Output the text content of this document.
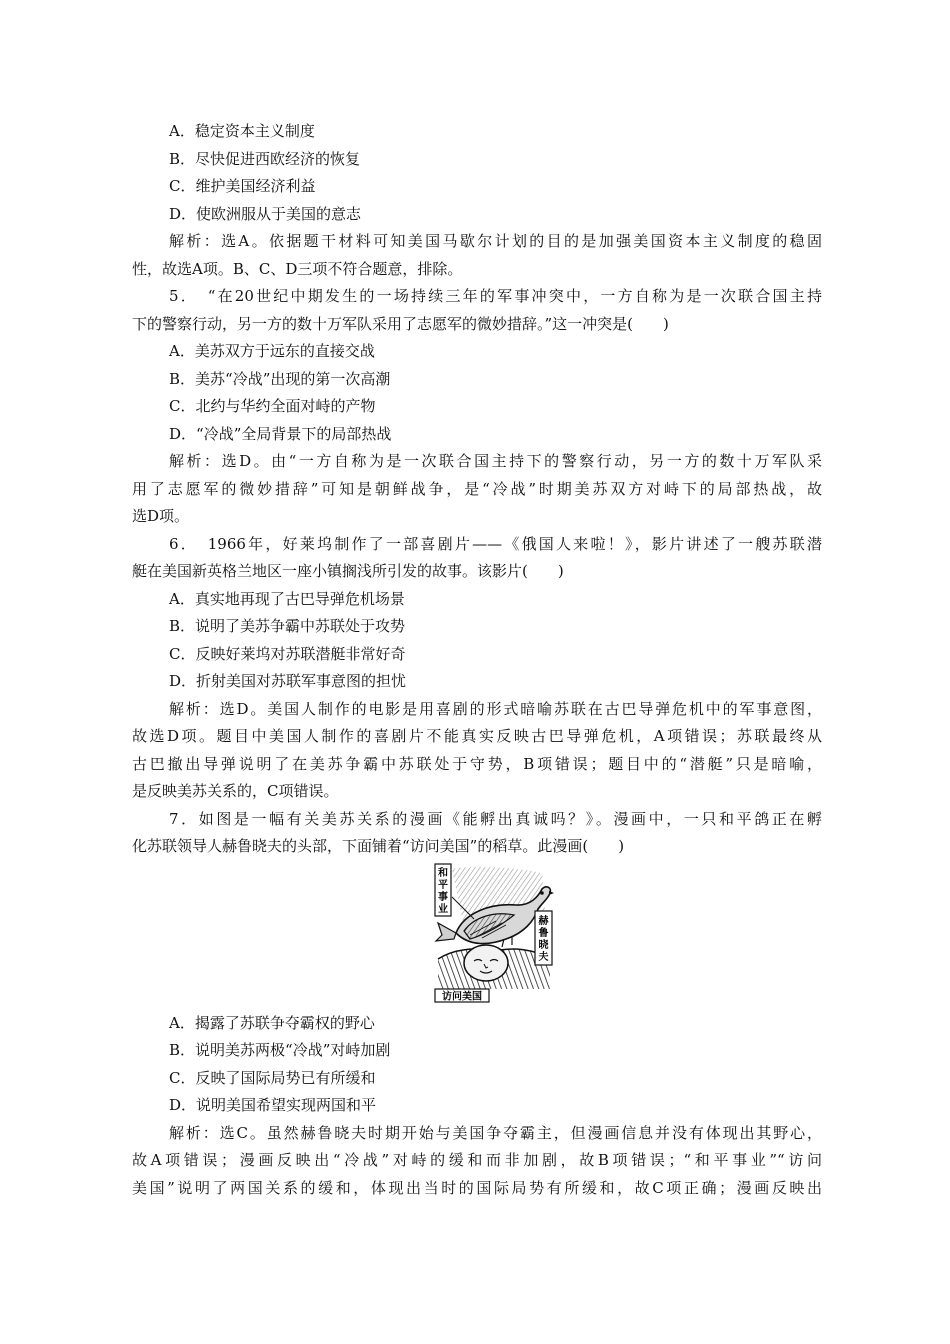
A．稳定资本主义制度
B．尽快促进西欧经济的恢复
C．维护美国经济利益
D．使欧洲服从于美国的意志
解析：选A。依据题干材料可知美国马歇尔计划的目的是加强美国资本主义制度的稳固
性，故选A项。B、C、D三项不符合题意，排除。
5．　“在20世纪中期发生的一场持续三年的军事冲突中，一方自称为是一次联合国主持
下的警察行动，另一方的数十万军队采用了志愿军的微妙措辞。”这一冲突是(　　)
A．美苏双方于远东的直接交战
B．美苏“冷战”出现的第一次高潮
C．北约与华约全面对峙的产物
D．“冷战”全局背景下的局部热战
解析：选D。由“一方自称为是一次联合国主持下的警察行动，另一方的数十万军队采
用了志愿军的微妙措辞”可知是朝鲜战争，是“冷战”时期美苏双方对峙下的局部热战，故
选D项。
6．　1966年，好莱坞制作了一部喜剧片——《俄国人来啦！》，影片讲述了一艘苏联潜
艇在美国新英格兰地区一座小镇搁浅所引发的故事。该影片(　　)
A．真实地再现了古巴导弹危机场景
B．说明了美苏争霸中苏联处于攻势
C．反映好莱坞对苏联潜艇非常好奇
D．折射美国对苏联军事意图的担忧
解析：选D。美国人制作的电影是用喜剧的形式暗喻苏联在古巴导弹危机中的军事意图，
故选D项。题目中美国人制作的喜剧片不能真实反映古巴导弹危机，A项错误；苏联最终从
古巴撤出导弹说明了在美苏争霸中苏联处于守势，B项错误；题目中的“潜艇”只是暗喻，
是反映美苏关系的，C项错误。
7．如图是一幅有关美苏关系的漫画《能孵出真诚吗？》。漫画中，一只和平鸽正在孵
化苏联领导人赫鲁晓夫的头部，下面铺着“访问美国”的稻草。此漫画(　　)
和
平
事
业
赫
鲁
晓
夫
访问美国
A．揭露了苏联争夺霸权的野心
B．说明美苏两极“冷战”对峙加剧
C．反映了国际局势已有所缓和
D．说明美国希望实现两国和平
解析：选C。虽然赫鲁晓夫时期开始与美国争夺霸主，但漫画信息并没有体现出其野心，
故A项错误；漫画反映出“冷战”对峙的缓和而非加剧，故B项错误；“和平事业”“访问
美国”说明了两国关系的缓和，体现出当时的国际局势有所缓和，故C项正确；漫画反映出
